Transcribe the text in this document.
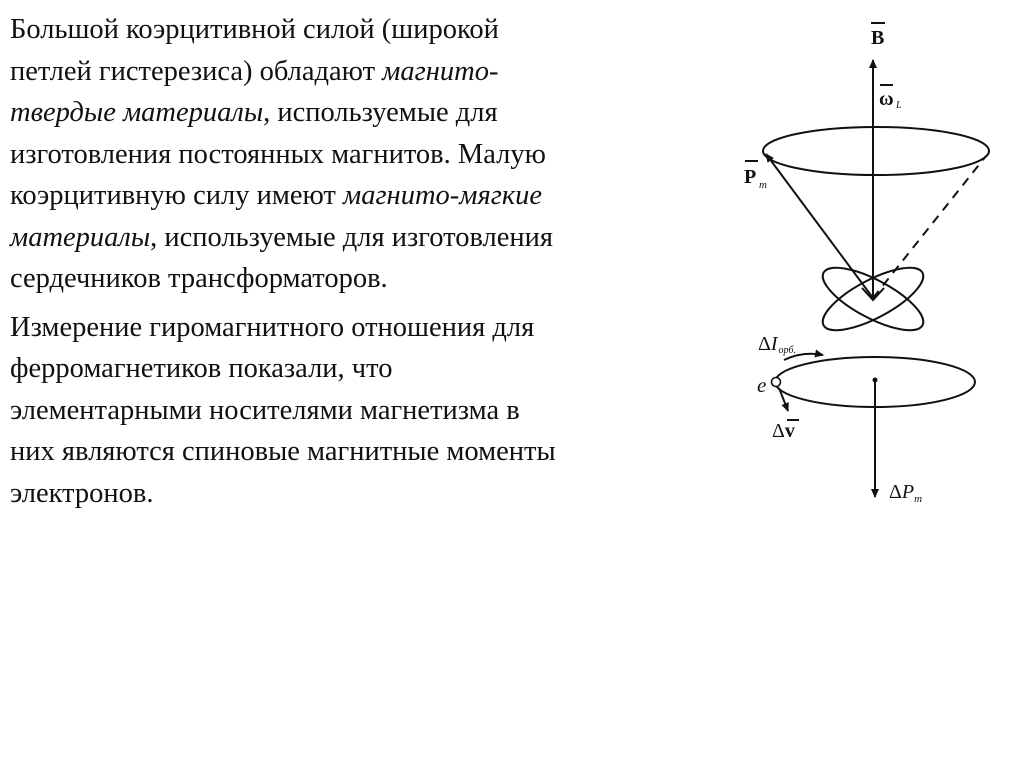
Большой коэрцитивной силой (широкой
петлей гистерезиса) обладают магнито-
твердые материалы, используемые для
изготовления постоянных магнитов. Малую
коэрцитивную силу имеют магнито-мягкие
материалы, используемые для изготовления
сердечников трансформаторов.

Измерение гиромагнитного отношения для
ферромагнетиков показали, что
элементарными носителями магнетизма в
них являются спиновые магнитные моменты
электронов.

B
ω L
P m
ΔIорб.
e
Δv
$\Delta P_m$
